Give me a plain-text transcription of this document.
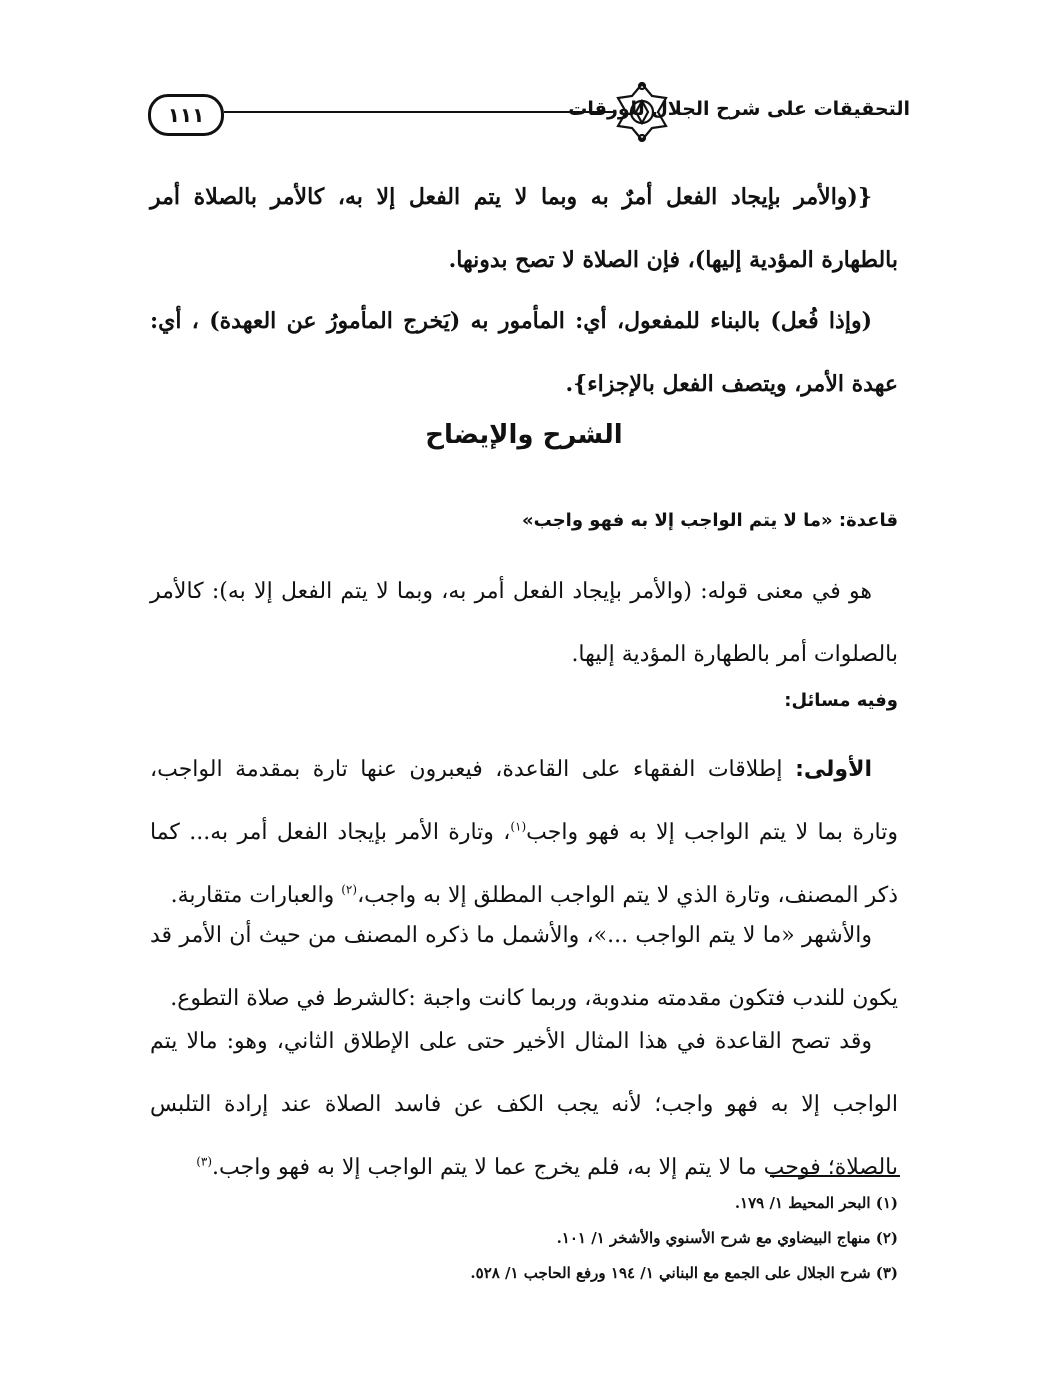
١١١	التحقيقات على شرح الجلال للورقات
{(والأمر بإيجاد الفعل أمرٌ به وبما لا يتم الفعل إلا به، كالأمر بالصلاة أمر بالطهارة المؤدية إليها)، فإن الصلاة لا تصح بدونها.
(وإذا فُعل) بالبناء للمفعول، أي: المأمور به (يَخرج المأمورُ عن العهدة) ، أي: عهدة الأمر، ويتصف الفعل بالإجزاء}.
الشرح والإيضاح
قاعدة: «ما لا يتم الواجب إلا به فهو واجب»
هو في معنى قوله: (والأمر بإيجاد الفعل أمر به، وبما لا يتم الفعل إلا به): كالأمر بالصلوات أمر بالطهارة المؤدية إليها.
وفيه مسائل:
الأولى: إطلاقات الفقهاء على القاعدة، فيعبرون عنها تارة بمقدمة الواجب، وتارة بما لا يتم الواجب إلا به فهو واجب$^{(١)}$، وتارة الأمر بإيجاد الفعل أمر به... كما ذكر المصنف، وتارة الذي لا يتم الواجب المطلق إلا به واجب،$^{(٢)}$ والعبارات متقاربة.
والأشهر «ما لا يتم الواجب ...»، والأشمل ما ذكره المصنف من حيث أن الأمر قد يكون للندب فتكون مقدمته مندوبة، وربما كانت واجبة :كالشرط في صلاة التطوع.
وقد تصح القاعدة في هذا المثال الأخير حتى على الإطلاق الثاني، وهو: مالا يتم الواجب إلا به فهو واجب؛ لأنه يجب الكف عن فاسد الصلاة عند إرادة التلبس بالصلاة؛ فوجب ما لا يتم إلا به، فلم يخرج عما لا يتم الواجب إلا به فهو واجب.$^{(٣)}$
(١) البحر المحيط ١/ ١٧٩.
(٢) منهاج البيضاوي مع شرح الأسنوي والأشخر ١/ ١٠١.
(٣) شرح الجلال على الجمع مع البناني ١/ ١٩٤ ورفع الحاجب ١/ ٥٢٨.
